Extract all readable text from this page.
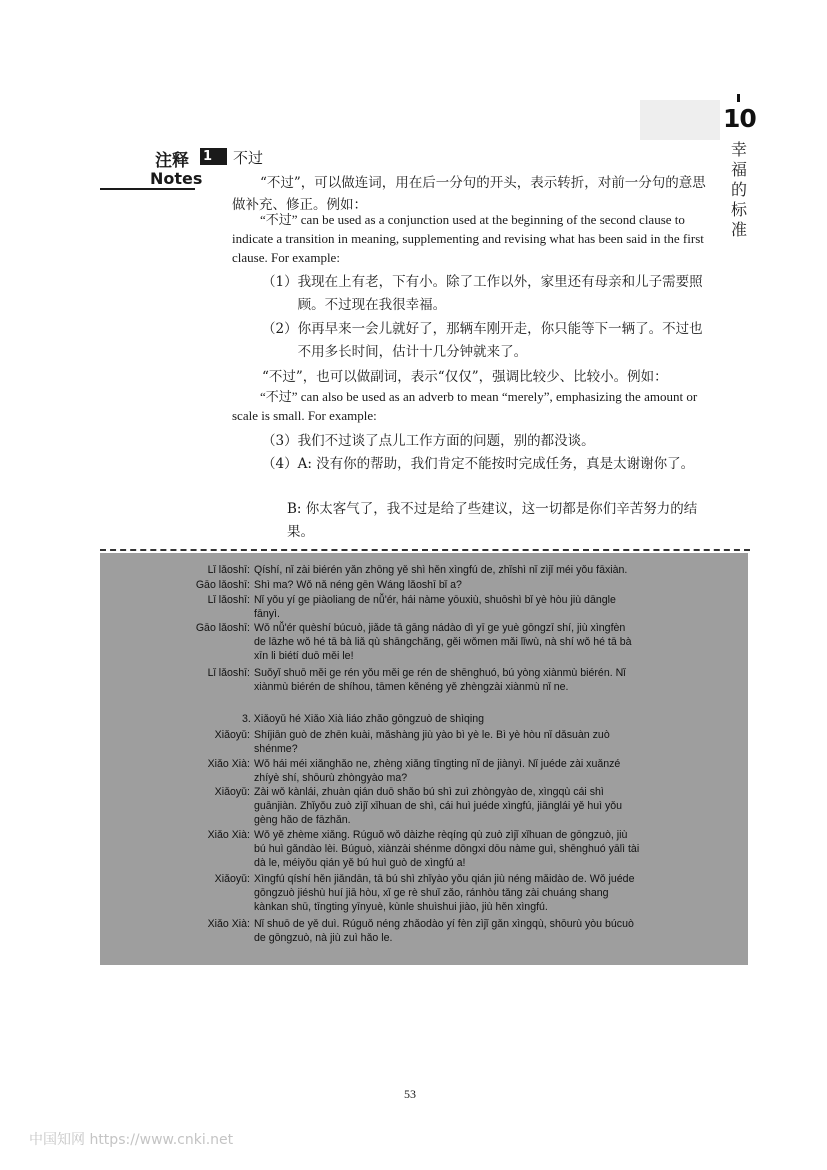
10
幸福的标准
注释 1	不过
Notes	“不过”，可以做连词，用在后一分句的开头，表示转折，对前一分句的意思做补充、修正。例如：
“不过” can be used as a conjunction used at the beginning of the second clause to indicate a transition in meaning, supplementing and revising what has been said in the first clause. For example:
（1） 我现在上有老，下有小。除了工作以外，家里还有母亲和儿子需要照顾。不过现在我很幸福。
（2） 你再早来一会儿就好了，那辆车刚开走，你只能等下一辆了。不过也不用多长时间，估计十几分钟就来了。
“不过”，也可以做副词，表示“仅仅”，强调比较少、比较小。例如：
“不过” can also be used as an adverb to mean “merely”, emphasizing the amount or scale is small. For example:
（3） 我们不过谈了点儿工作方面的问题，别的都没谈。
（4） A: 没有你的帮助，我们肯定不能按时完成任务，真是太谢谢你了。
B: 你太客气了，我不过是给了些建议，这一切都是你们辛苦努力的结果。
Lǐ lǎoshī: Qíshí, nǐ zài biérén yǎn zhōng yě shì hěn xìngfú de, zhǐshì nǐ zìjǐ méi yǒu fāxiàn.
Gāo lǎoshī: Shì ma? Wǒ nǎ néng gēn Wáng lǎoshī bǐ a?
Lǐ lǎoshī: Nǐ yǒu yí ge piàoliang de nǚ'ér, hái nàme yōuxiù, shuōshì bǐ yè hòu jiù dāngle fānyì.
Gāo lǎoshī: Wǒ nǚ'ér quèshí búcuò, jiǎde tā gāng nádào dì yī ge yuè gōngzī shí, jiù xìngfèn de lāzhe wǒ hé tā bà liǎ qù shāngchǎng, gěi wǒmen mǎi lǐwù, nà shí wǒ hé tā bà xīn li biétí duō měi le!
Lǐ lǎoshī: Suǒyǐ shuō měi ge rén yǒu měi ge rén de shēnghuó, bú yòng xiànmù biérén. Nǐ xiànmù biérén de shíhou, tāmen kěnéng yě zhèngzài xiànmù nǐ ne.
3. Xiǎoyǔ hé Xiǎo Xià liáo zhǎo gōngzuò de shìqing
Xiǎoyǔ: Shíjiān guò de zhēn kuài, mǎshàng jiù yào bì yè le. Bì yè hòu nǐ dǎsuàn zuò shénme?
Xiǎo Xià: Wǒ hái méi xiǎnghǎo ne, zhèng xiǎng tīngting nǐ de jiànyì. Nǐ juéde zài xuǎnzé zhíyè shí, shōurù zhòngyào ma?
Xiǎoyǔ: Zài wǒ kànlái, zhuàn qián duō shǎo bú shì zuì zhòngyào de, xìngqù cái shì guānjiàn. Zhǐyǒu zuò zìjǐ xǐhuan de shì, cái huì juéde xìngfú, jiānglái yě huì yǒu gèng hǎo de fāzhǎn.
Xiǎo Xià: Wǒ yě zhème xiǎng. Rúguǒ wǒ dàizhe rèqíng qù zuò zìjǐ xǐhuan de gōngzuò, jiù bú huì gǎndào lèi. Búguò, xiànzài shénme dōngxi dōu nàme guì, shēnghuó yālì tài dà le, méiyǒu qián yě bú huì guò de xìngfú a!
Xiǎoyǔ: Xìngfú qíshí hěn jiǎndān, tā bú shì zhǐyào yǒu qián jiù néng mǎidào de. Wǒ juéde gōngzuò jiéshù huí jiā hòu, xǐ ge rè shuǐ zǎo, ránhòu tǎng zài chuáng shang kànkan shū, tīngting yīnyuè, kùnle shuìshui jiào, jiù hěn xìngfú.
Xiǎo Xià: Nǐ shuō de yě duì. Rúguǒ néng zhǎodào yí fèn zìjǐ gǎn xìngqù, shōurù yòu búcuò de gōngzuò, nà jiù zuì hǎo le.
53
中国知网 https://www.cnki.net
